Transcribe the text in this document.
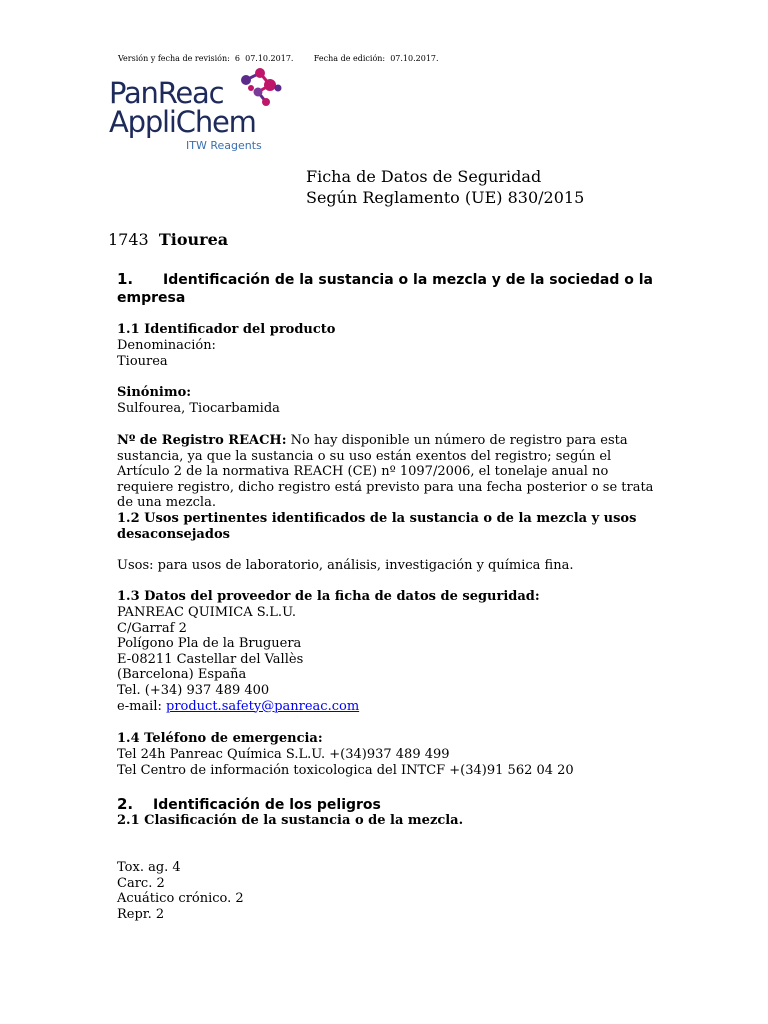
Versión y fecha de revisión:  6  07.10.2017.        Fecha de edición:  07.10.2017.
PanReac
AppliChem
ITW Reagents
Ficha de Datos de Seguridad
Según Reglamento (UE) 830/2015
1743 Tiourea
1. Identificación de la sustancia o la mezcla y de la sociedad o la empresa
1.1 Identificador del producto
Denominación:
Tiourea
Sinónimo:
Sulfourea, Tiocarbamida
Nº de Registro REACH: No hay disponible un número de registro para esta sustancia, ya que la sustancia o su uso están exentos del registro; según el Artículo 2 de la normativa REACH (CE) nº 1097/2006, el tonelaje anual no requiere registro, dicho registro está previsto para una fecha posterior o se trata de una mezcla.
1.2 Usos pertinentes identificados de la sustancia o de la mezcla y usos desaconsejados
Usos: para usos de laboratorio, análisis, investigación y química fina.
1.3 Datos del proveedor de la ficha de datos de seguridad:
PANREAC QUIMICA S.L.U.
C/Garraf 2
Polígono Pla de la Bruguera
E-08211 Castellar del Vallès
(Barcelona) España
Tel. (+34) 937 489 400
e-mail: product.safety@panreac.com
1.4 Teléfono de emergencia:
Tel 24h Panreac Química S.L.U. +(34)937 489 499
Tel Centro de información toxicologica del INTCF +(34)91 562 04 20
2. Identificación de los peligros
2.1 Clasificación de la sustancia o de la mezcla.
Tox. ag. 4
Carc. 2
Acuático crónico. 2
Repr. 2
